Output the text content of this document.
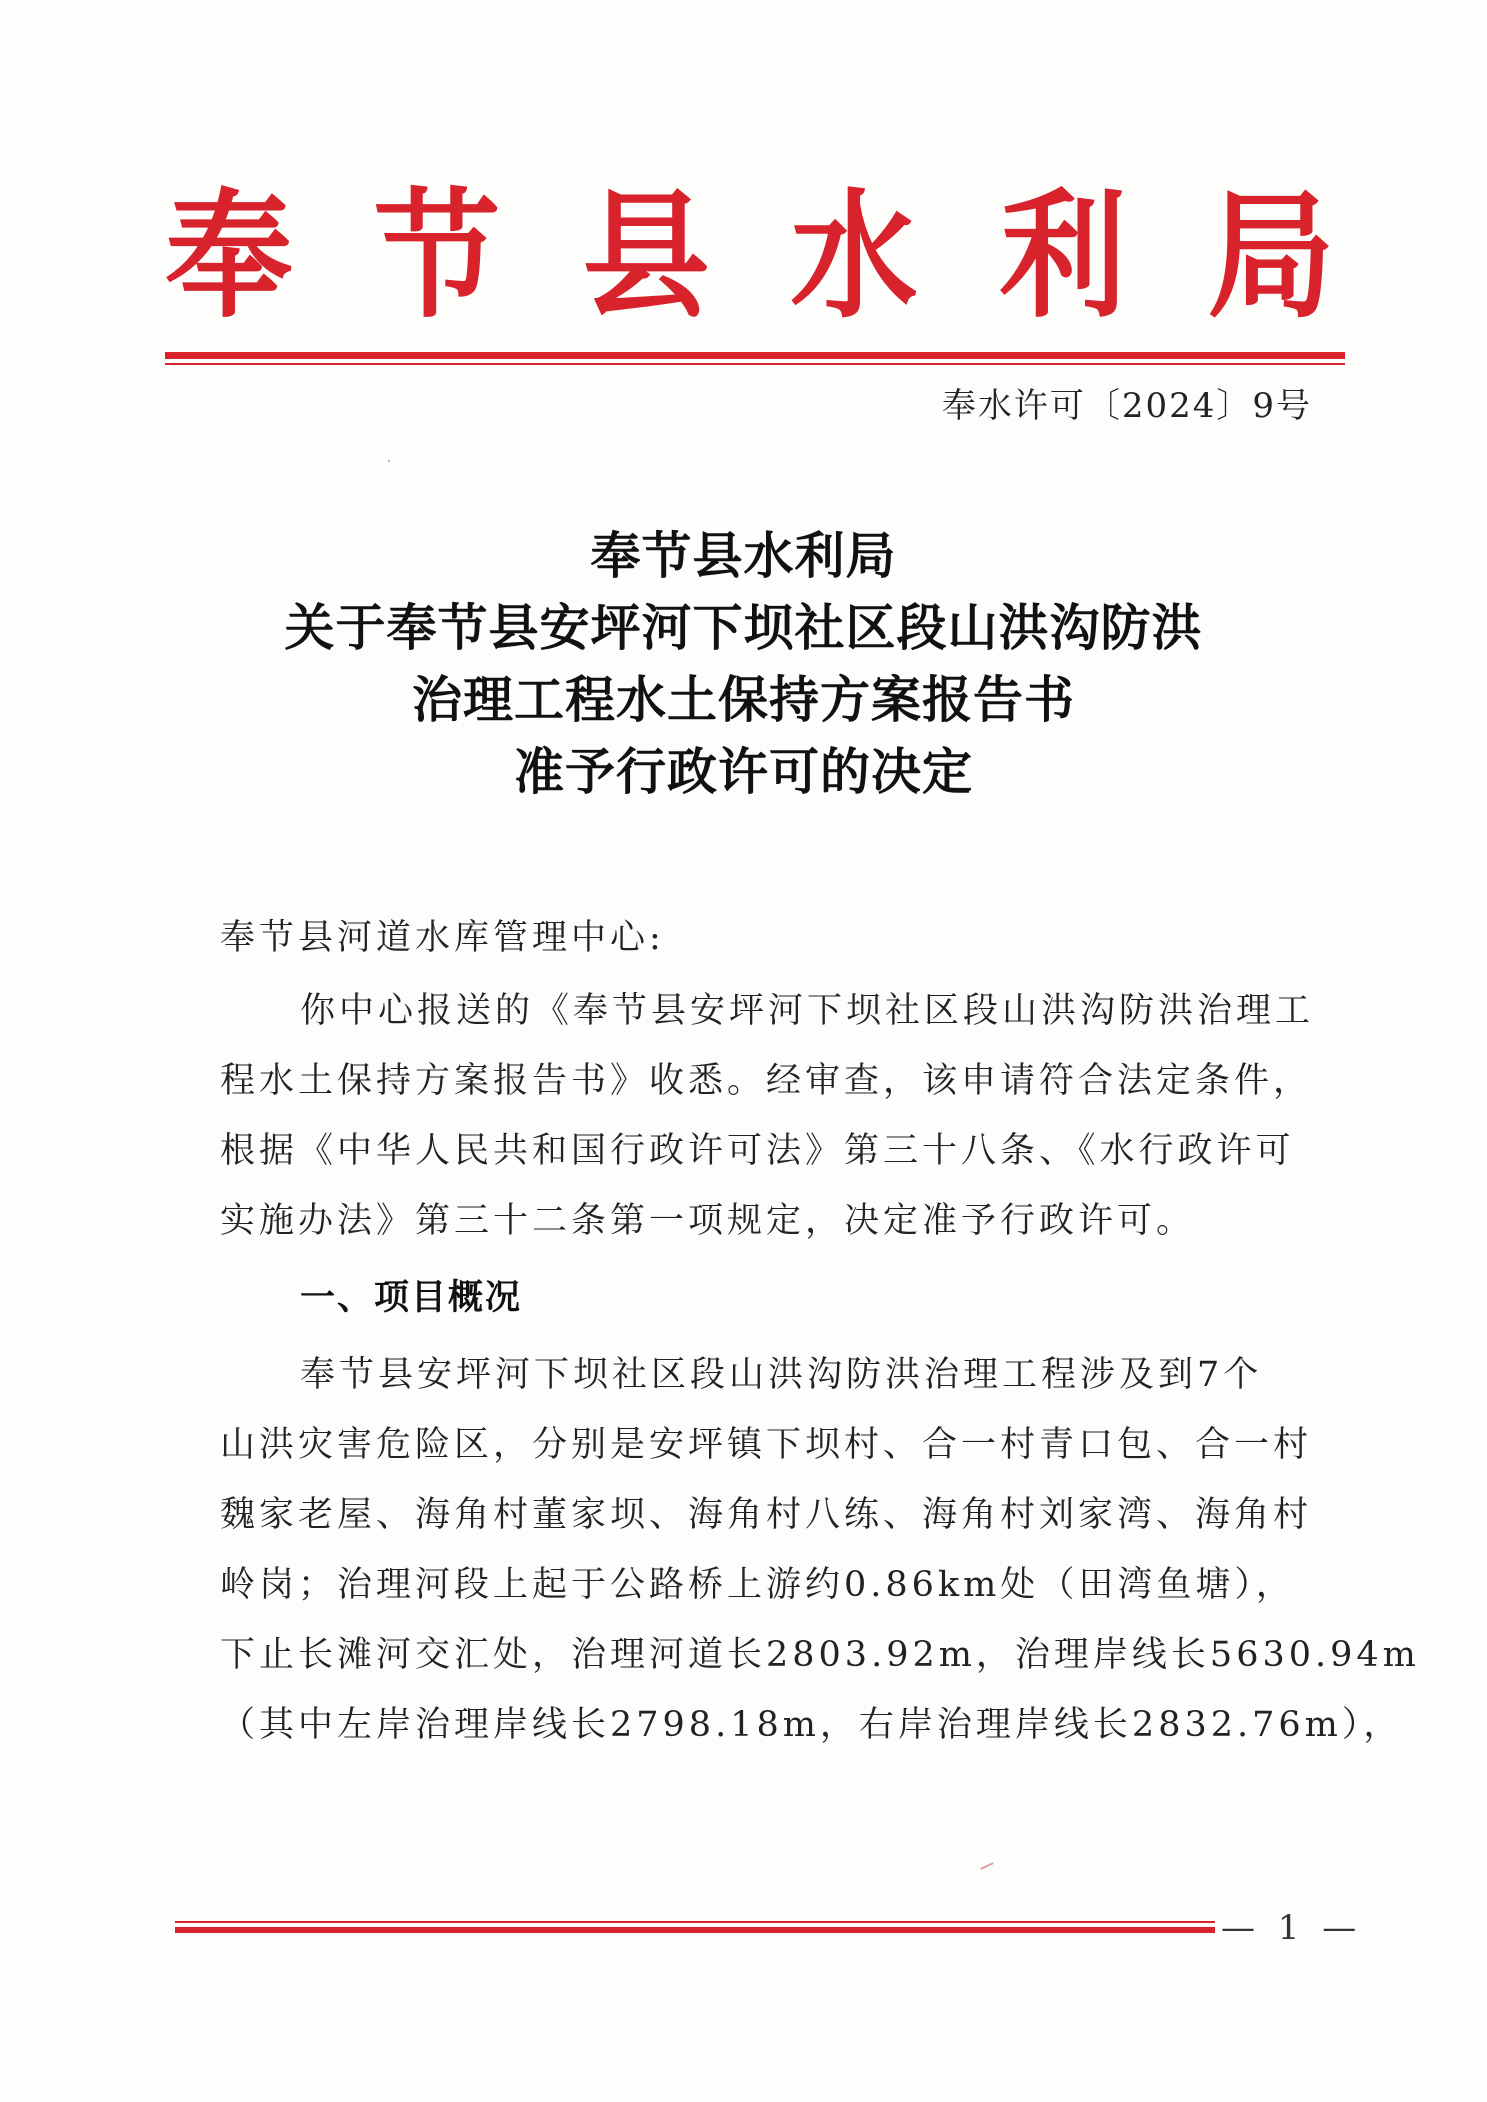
奉 节 县 水 利 局
奉水许可〔2024〕9号
奉节县水利局
关于奉节县安坪河下坝社区段山洪沟防洪
治理工程水土保持方案报告书
准予行政许可的决定
奉节县河道水库管理中心:
你中心报送的《奉节县安坪河下坝社区段山洪沟防洪治理工
程水土保持方案报告书》收悉。经审查，该申请符合法定条件，
根据《中华人民共和国行政许可法》第三十八条、《水行政许可
实施办法》第三十二条第一项规定，决定准予行政许可。
一、项目概况
奉节县安坪河下坝社区段山洪沟防洪治理工程涉及到7个
山洪灾害危险区，分别是安坪镇下坝村、合一村青口包、合一村
魏家老屋、海角村董家坝、海角村八练、海角村刘家湾、海角村
岭岗；治理河段上起于公路桥上游约0.86km处（田湾鱼塘），
下止长滩河交汇处，治理河道长2803.92m，治理岸线长5630.94m
（其中左岸治理岸线长2798.18m，右岸治理岸线长2832.76m），
— 1 —
